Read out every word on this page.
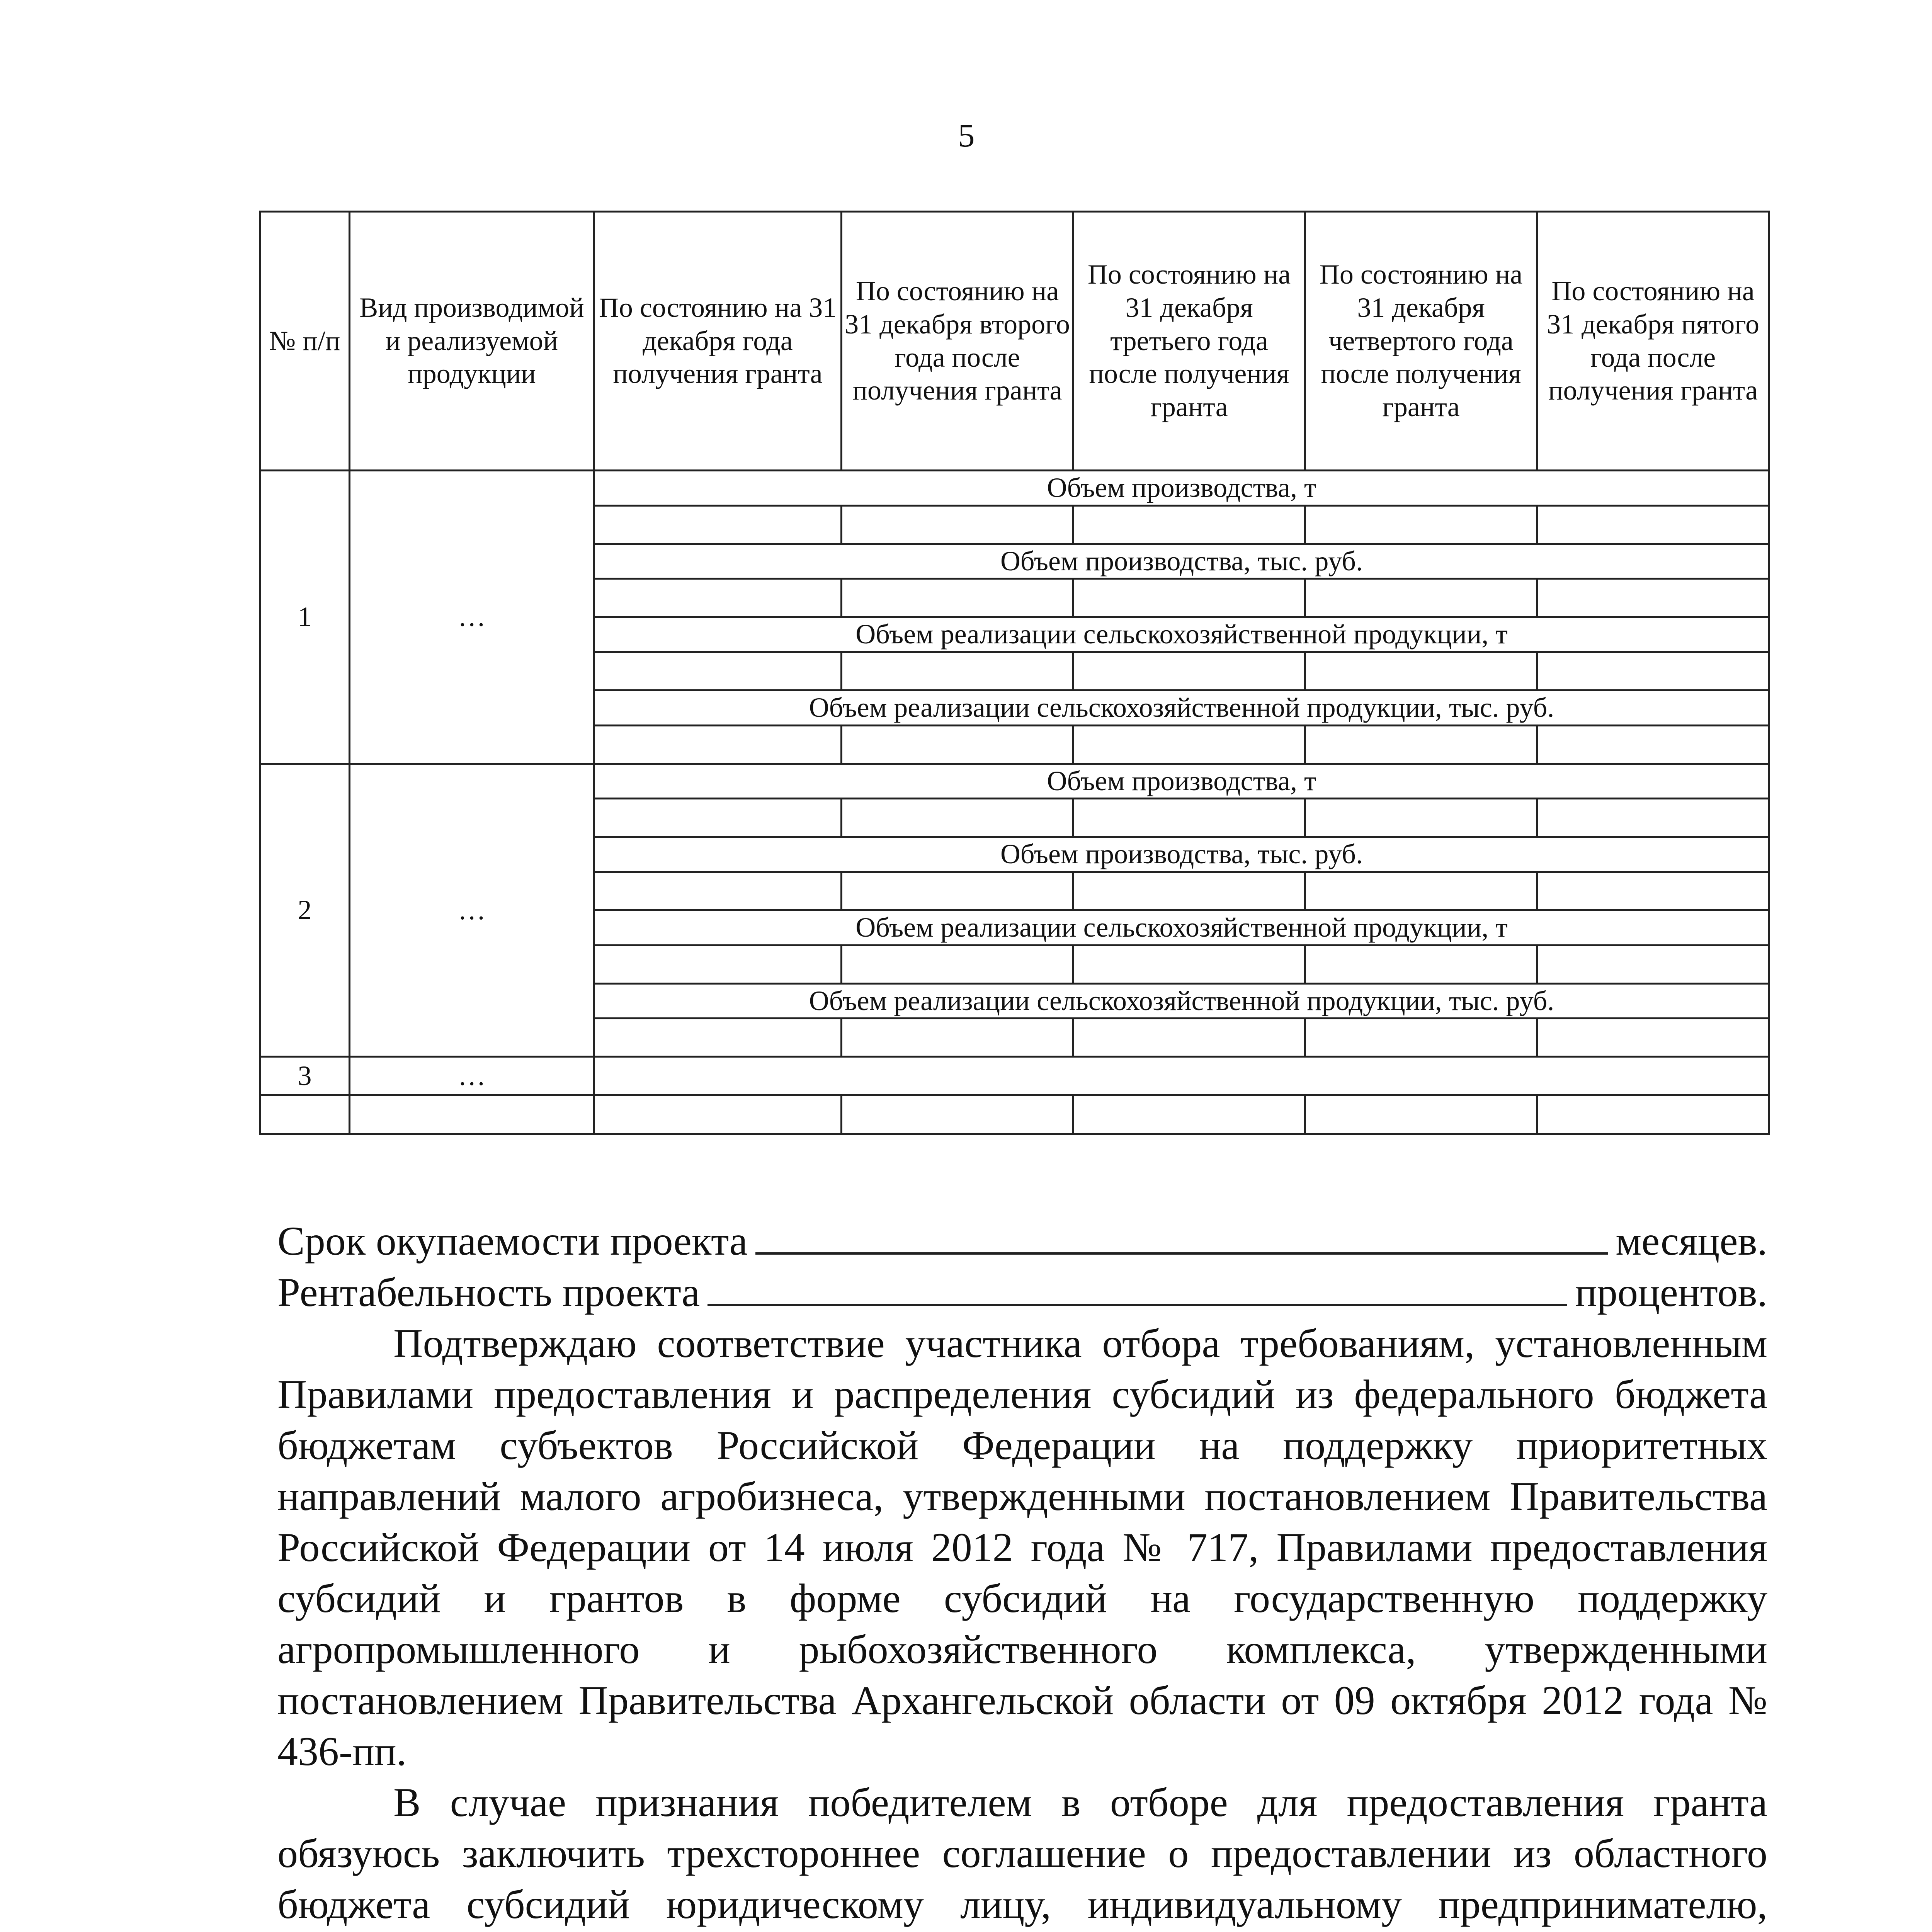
5
№ п/п	Вид производимой и реализуемой продукции	По состоянию на 31 декабря года получения гранта	По состоянию на 31 декабря второго года после получения гранта	По состоянию на 31 декабря третьего года после получения гранта	По состоянию на 31 декабря четвертого года после получения гранта	По состоянию на 31 декабря пятого года после получения гранта
1	…	Объем производства, т				

		Объем производства, тыс. руб.				

		Объем реализации сельскохозяйственной продукции, т				

		Объем реализации сельскохозяйственной продукции, тыс. руб.				

2	…	Объем производства, т				

		Объем производства, тыс. руб.				

		Объем реализации сельскохозяйственной продукции, т				

		Объем реализации сельскохозяйственной продукции, тыс. руб.				

3	…					

Срок окупаемости проекта	месяцев.
Рентабельность проекта	процентов.

Подтверждаю соответствие участника отбора требованиям, установленным Правилами предоставления и распределения субсидий из федерального бюджета бюджетам субъектов Российской Федерации на поддержку приоритетных направлений малого агробизнеса, утвержденными постановлением Правительства Российской Федерации от 14 июля 2012 года № 717, Правилами предоставления субсидий и грантов в форме субсидий на государственную поддержку агропромышленного и рыбохозяйственного комплекса, утвержденными постановлением Правительства Архангельской области от 09 октября 2012 года № 436-пп.

В случае признания победителем в отборе для предоставления гранта обязуюсь заключить трехстороннее соглашение о предоставлении из областного бюджета субсидий юридическому лицу, индивидуальному предпринимателю,
